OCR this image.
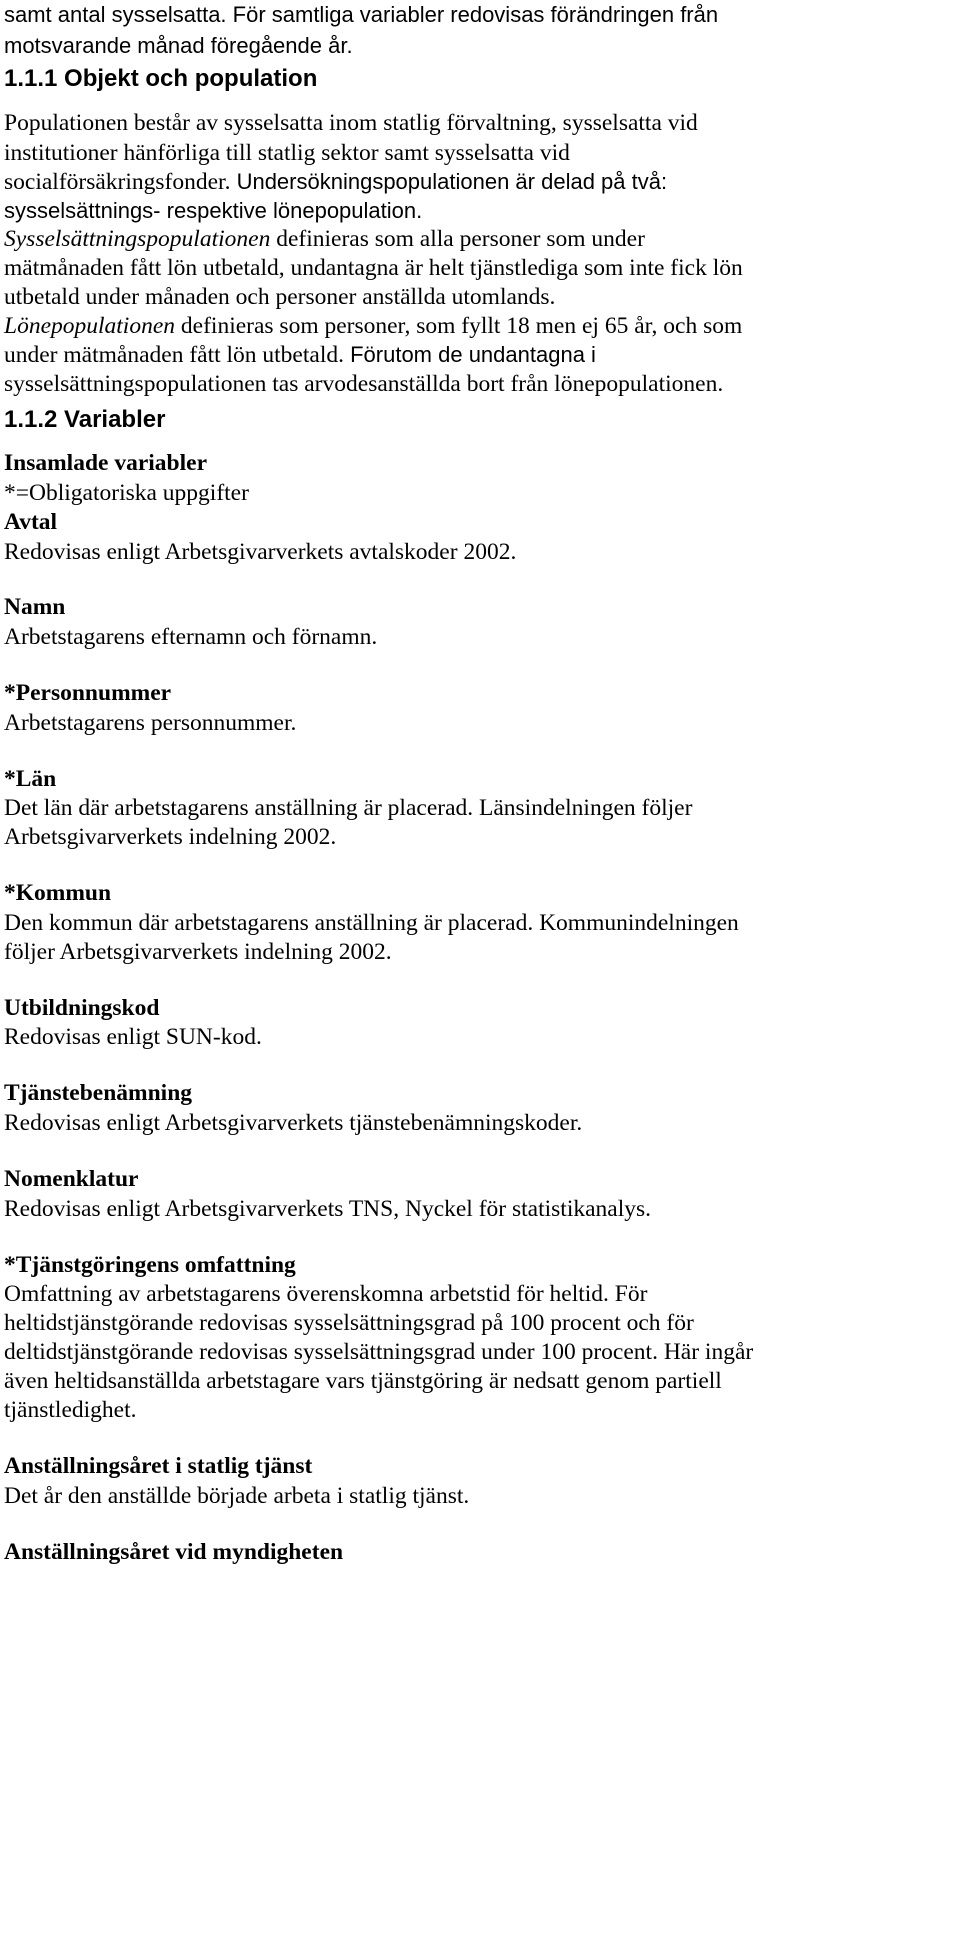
samt antal sysselsatta. För samtliga variabler redovisas förändringen från
motsvarande månad föregående år.
1.1.1 Objekt och population
Populationen består av sysselsatta inom statlig förvaltning, sysselsatta vid
institutioner hänförliga till statlig sektor samt sysselsatta vid
socialförsäkringsfonder. Undersökningspopulationen är delad på två:
sysselsättnings- respektive lönepopulation.
Sysselsättningspopulationen definieras som alla personer som under
mätmånaden fått lön utbetald, undantagna är helt tjänstlediga som inte fick lön
utbetald under månaden och personer anställda utomlands.
Lönepopulationen definieras som personer, som fyllt 18 men ej 65 år, och som
under mätmånaden fått lön utbetald. Förutom de undantagna i
sysselsättningspopulationen tas arvodesanställda bort från lönepopulationen.
1.1.2 Variabler
Insamlade variabler
*=Obligatoriska uppgifter
Avtal
Redovisas enligt Arbetsgivarverkets avtalskoder 2002.
Namn
Arbetstagarens efternamn och förnamn.
*Personnummer
Arbetstagarens personnummer.
*Län
Det län där arbetstagarens anställning är placerad. Länsindelningen följer
Arbetsgivarverkets indelning 2002.
*Kommun
Den kommun där arbetstagarens anställning är placerad. Kommunindelningen
följer Arbetsgivarverkets indelning 2002.
Utbildningskod
Redovisas enligt SUN-kod.
Tjänstebenämning
Redovisas enligt Arbetsgivarverkets tjänstebenämningskoder.
Nomenklatur
Redovisas enligt Arbetsgivarverkets TNS, Nyckel för statistikanalys.
*Tjänstgöringens omfattning
Omfattning av arbetstagarens överenskomna arbetstid för heltid. För
heltidstjänstgörande redovisas sysselsättningsgrad på 100 procent och för
deltidstjänstgörande redovisas sysselsättningsgrad under 100 procent. Här ingår
även heltidsanställda arbetstagare vars tjänstgöring är nedsatt genom partiell
tjänstledighet.
Anställningsåret i statlig tjänst
Det år den anställde började arbeta i statlig tjänst.
Anställningsåret vid myndigheten
